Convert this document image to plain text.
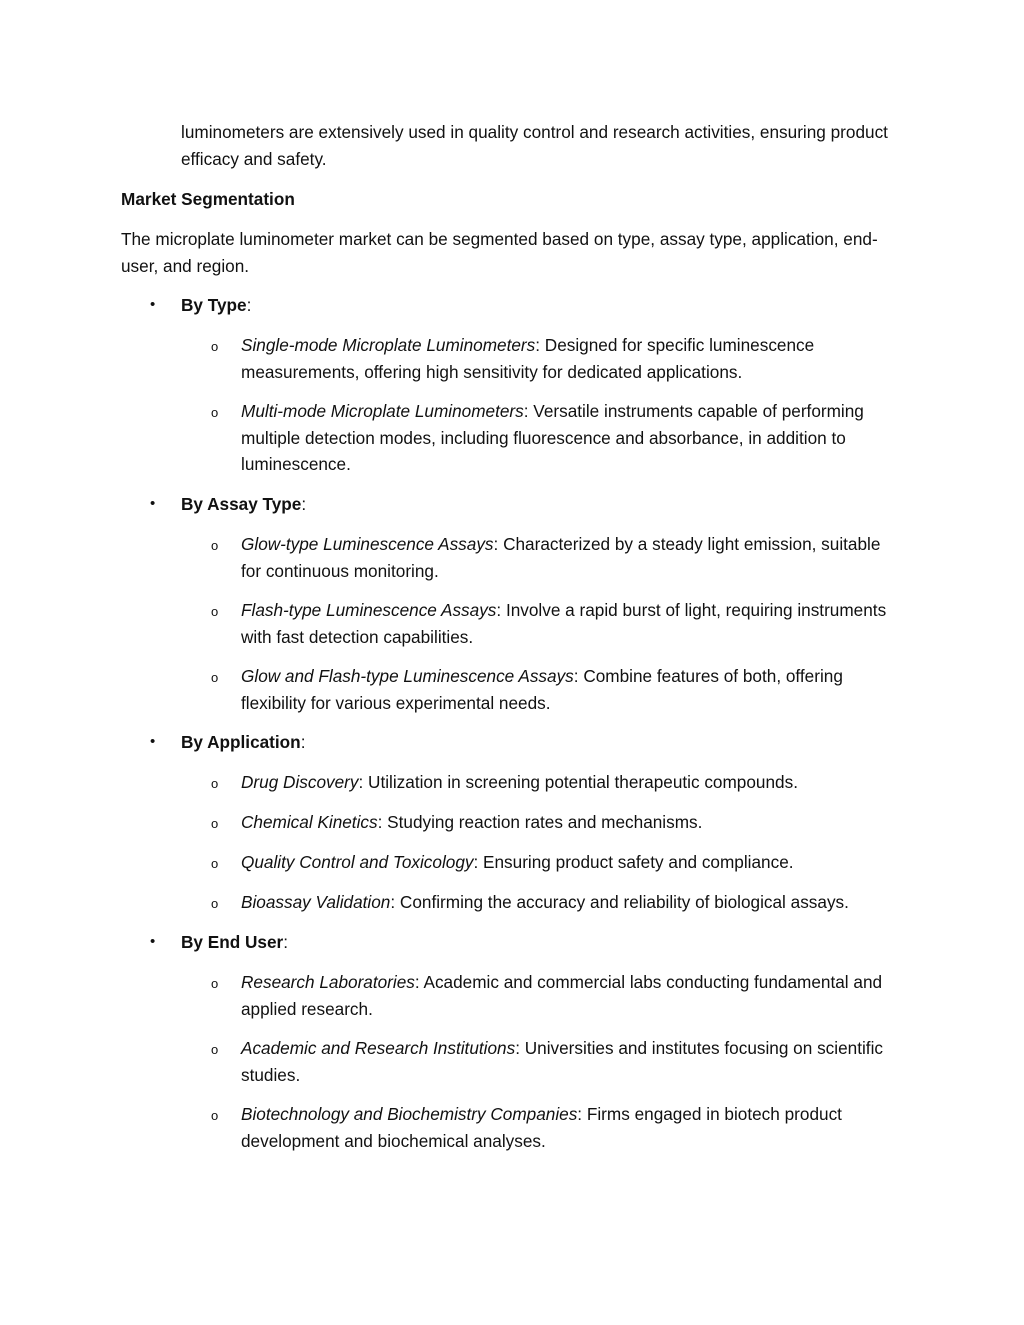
luminometers are extensively used in quality control and research activities, ensuring product efficacy and safety.

Market Segmentation

The microplate luminometer market can be segmented based on type, assay type, application, end-user, and region.

•	By Type:
o Single-mode Microplate Luminometers: Designed for specific luminescence measurements, offering high sensitivity for dedicated applications.
o Multi-mode Microplate Luminometers: Versatile instruments capable of performing multiple detection modes, including fluorescence and absorbance, in addition to luminescence.
•	By Assay Type:
o Glow-type Luminescence Assays: Characterized by a steady light emission, suitable for continuous monitoring.
o Flash-type Luminescence Assays: Involve a rapid burst of light, requiring instruments with fast detection capabilities.
o Glow and Flash-type Luminescence Assays: Combine features of both, offering flexibility for various experimental needs.
•	By Application:
o Drug Discovery: Utilization in screening potential therapeutic compounds.
o Chemical Kinetics: Studying reaction rates and mechanisms.
o Quality Control and Toxicology: Ensuring product safety and compliance.
o Bioassay Validation: Confirming the accuracy and reliability of biological assays.
•	By End User:
o Research Laboratories: Academic and commercial labs conducting fundamental and applied research.
o Academic and Research Institutions: Universities and institutes focusing on scientific studies.
o Biotechnology and Biochemistry Companies: Firms engaged in biotech product development and biochemical analyses.
